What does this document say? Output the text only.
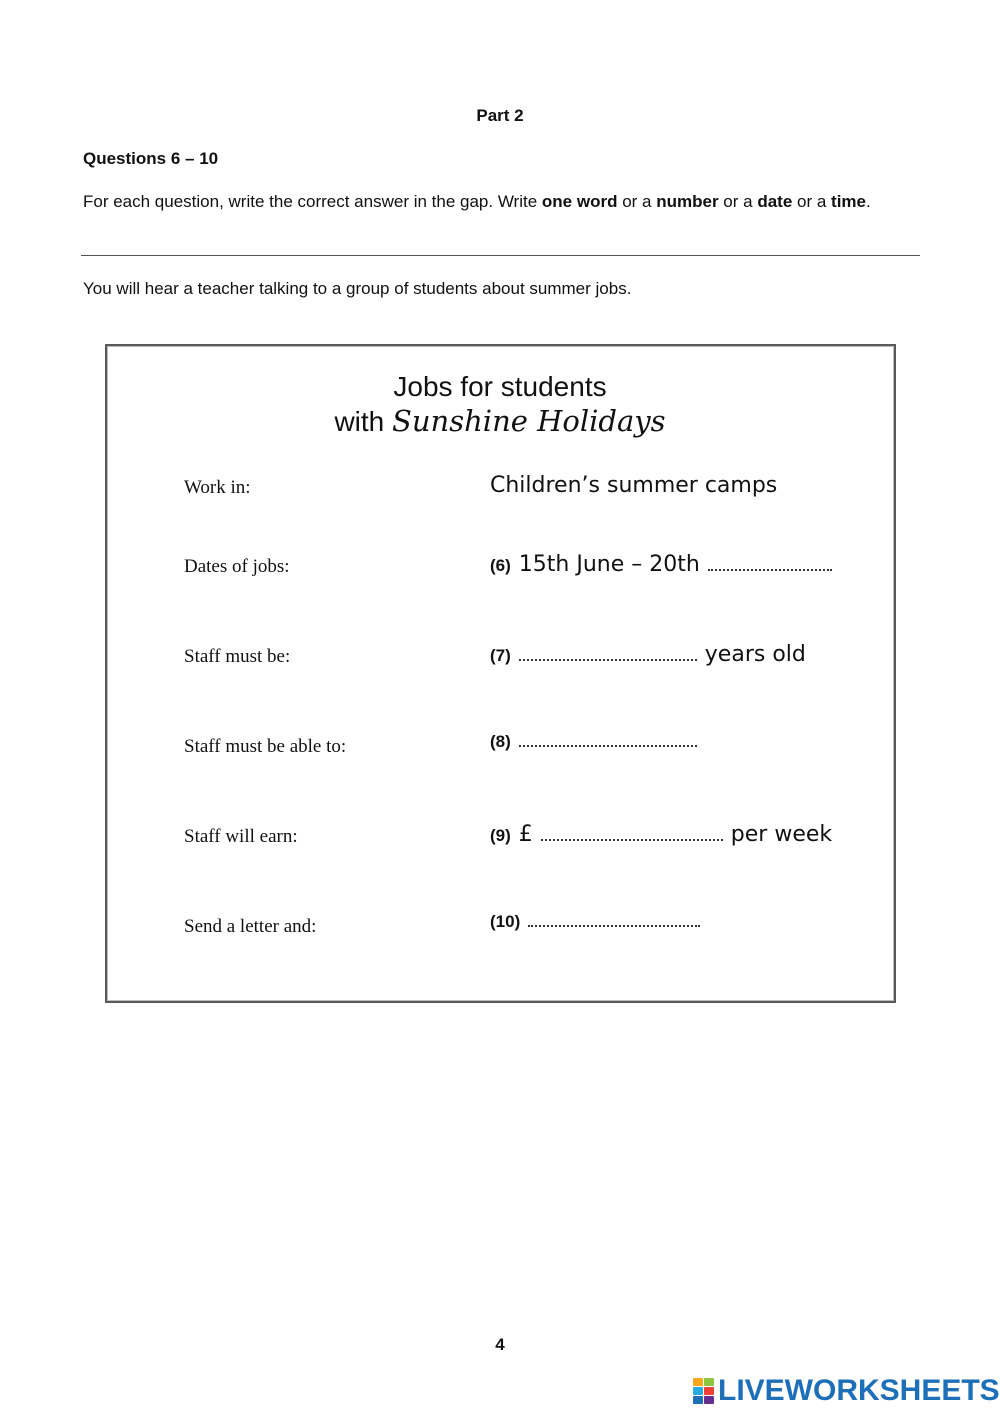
Part 2
Questions 6 – 10
For each question, write the correct answer in the gap. Write one word or a number or a date or a time.
You will hear a teacher talking to a group of students about summer jobs.
Jobs for students
with Sunshine Holidays
Work in:	Children’s summer camps
Dates of jobs:	(6) 15th June – 20th
Staff must be:	(7)	years old
Staff must be able to:	(8)
Staff will earn:	(9) £	per week
Send a letter and:	(10)
4
LIVEWORKSHEETS
